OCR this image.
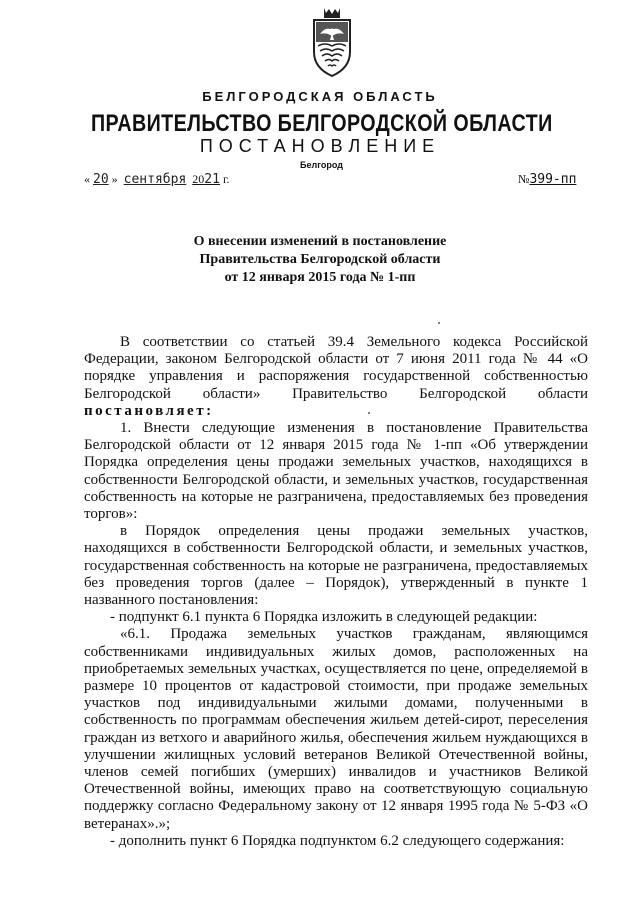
БЕЛГОРОДСКАЯ ОБЛАСТЬ
ПРАВИТЕЛЬСТВО БЕЛГОРОДСКОЙ ОБЛАСТИ
ПОСТАНОВЛЕНИЕ
Белгород
« 20 » сентября 2021 г.	№399-пп
О внесении изменений в постановление
Правительства Белгородской области
от 12 января 2015 года № 1-пп

В соответствии со статьей 39.4 Земельного кодекса Российской Федерации, законом Белгородской области от 7 июня 2011 года № 44 «О порядке управления и распоряжения государственной собственностью Белгородской области» Правительство Белгородской области постановляет:

1. Внести следующие изменения в постановление Правительства Белгородской области от 12 января 2015 года № 1-пп «Об утверждении Порядка определения цены продажи земельных участков, находящихся в собственности Белгородской области, и земельных участков, государственная собственность на которые не разграничена, предоставляемых без проведения торгов»:

в Порядок определения цены продажи земельных участков, находящихся в собственности Белгородской области, и земельных участков, государственная собственность на которые не разграничена, предоставляемых без проведения торгов (далее – Порядок), утвержденный в пункте 1 названного постановления:

- подпункт 6.1 пункта 6 Порядка изложить в следующей редакции:

«6.1. Продажа земельных участков гражданам, являющимся собственниками индивидуальных жилых домов, расположенных на приобретаемых земельных участках, осуществляется по цене, определяемой в размере 10 процентов от кадастровой стоимости, при продаже земельных участков под индивидуальными жилыми домами, полученными в собственность по программам обеспечения жильем детей-сирот, переселения граждан из ветхого и аварийного жилья, обеспечения жильем нуждающихся в улучшении жилищных условий ветеранов Великой Отечественной войны, членов семей погибших (умерших) инвалидов и участников Великой Отечественной войны, имеющих право на соответствующую социальную поддержку согласно Федеральному закону от 12 января 1995 года № 5-ФЗ «О ветеранах».»;

- дополнить пункт 6 Порядка подпунктом 6.2 следующего содержания:
